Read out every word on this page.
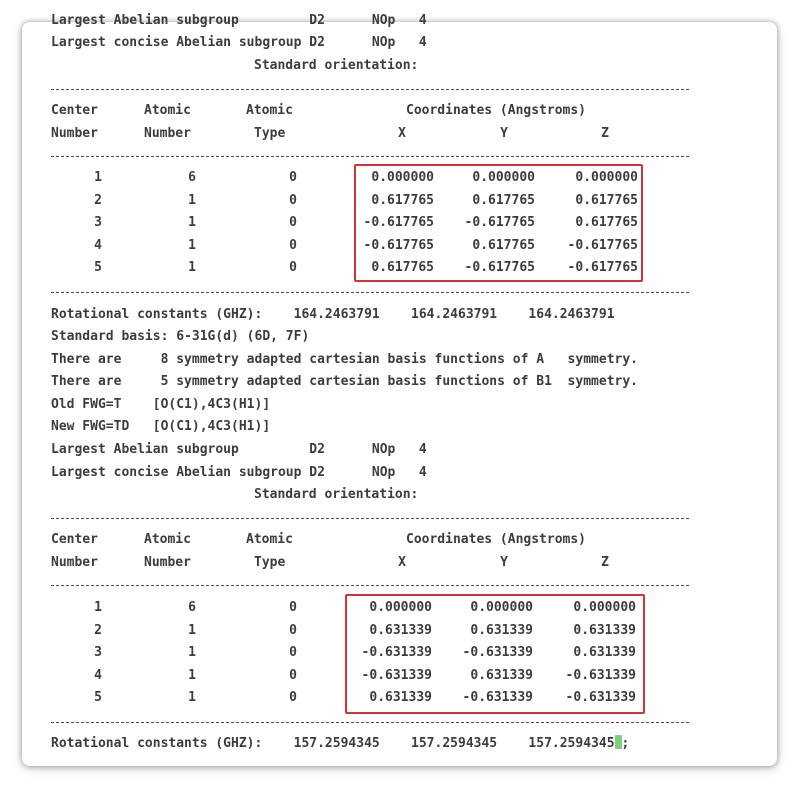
Largest Abelian subgroup         D2      NOp   4
Largest concise Abelian subgroup D2      NOp   4
Standard orientation:
Center	Atomic	Atomic	Coordinates (Angstroms)
Number	Number	Type	X	Y	Z
1	6	0	0.000000	0.000000	0.000000
2	1	0	0.617765	0.617765	0.617765
3	1	0	-0.617765	-0.617765	0.617765
4	1	0	-0.617765	0.617765	-0.617765
5	1	0	0.617765	-0.617765	-0.617765
Rotational constants (GHZ):    164.2463791    164.2463791    164.2463791
Standard basis: 6-31G(d) (6D, 7F)
There are     8 symmetry adapted cartesian basis functions of A   symmetry.
There are     5 symmetry adapted cartesian basis functions of B1  symmetry.
Old FWG=T    [O(C1),4C3(H1)]
New FWG=TD   [O(C1),4C3(H1)]
Largest Abelian subgroup         D2      NOp   4
Largest concise Abelian subgroup D2      NOp   4
Standard orientation:
Center	Atomic	Atomic	Coordinates (Angstroms)
Number	Number	Type	X	Y	Z
1	6	0	0.000000	0.000000	0.000000
2	1	0	0.631339	0.631339	0.631339
3	1	0	-0.631339	-0.631339	0.631339
4	1	0	-0.631339	0.631339	-0.631339
5	1	0	0.631339	-0.631339	-0.631339
Rotational constants (GHZ):    157.2594345    157.2594345    157.2594345 ;
